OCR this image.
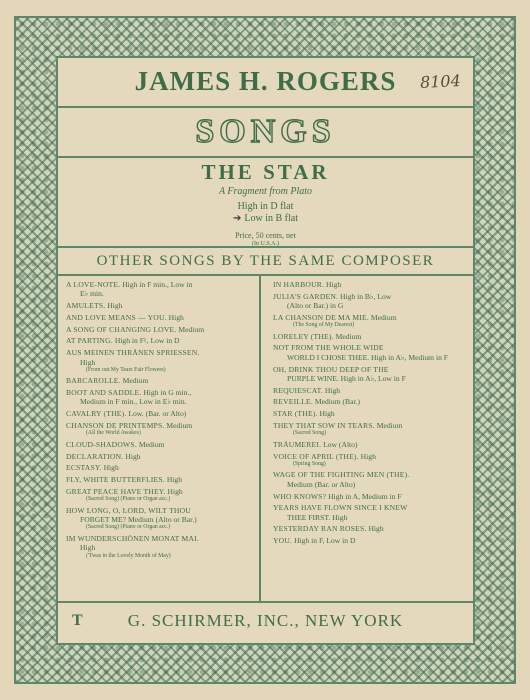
JAMES H. ROGERS	8104
SONGS
THE STAR
A Fragment from Plato
High in D flat
➔ Low in B flat
Price, 50 cents, net
(In U.S.A.)
OTHER SONGS BY THE SAME COMPOSER
A LOVE-NOTE. High in F min., Low in
E♭ min.
AMULETS. High
AND LOVE MEANS — YOU. High
A SONG OF CHANGING LOVE. Medium
AT PARTING. High in F♮, Low in D
AUS MEINEN THRÄNEN SPRIESSEN.
High
(From out My Tears Fair Flowers)
BARCAROLLE. Medium
BOOT AND SADDLE. High in G min.,
Medium in F min., Low in E♭ min.
CAVALRY (THE). Low. (Bar. or Alto)
CHANSON DE PRINTEMPS. Medium
(All the World Awakes)
CLOUD-SHADOWS. Medium
DECLARATION. High
ECSTASY. High
FLY, WHITE BUTTERFLIES. High
GREAT PEACE HAVE THEY. High
(Sacred Song) (Piano or Organ acc.)
HOW LONG, O, LORD, WILT THOU
FORGET ME? Medium (Alto or Bar.)
(Sacred Song) (Piano or Organ acc.)
IM WUNDERSCHÖNEN MONAT MAI.
High
('Twas in the Lovely Month of May)
IN HARBOUR. High
JULIA'S GARDEN. High in B♭, Low
(Alto or Bar.) in G
LA CHANSON DE MA MIE. Medium
(The Song of My Dearest)
LORELEY (THE). Medium
NOT FROM THE WHOLE WIDE
WORLD I CHOSE THEE. High in A♭, Medium in F
OH, DRINK THOU DEEP OF THE
PURPLE WINE. High in A♭, Low in F
REQUIESCAT. High
REVEILLE. Medium (Bar.)
STAR (THE). High
THEY THAT SOW IN TEARS. Medium
(Sacred Song)
TRÄUMEREI. Low (Alto)
VOICE OF APRIL (THE). High
(Spring Song)
WAGE OF THE FIGHTING MEN (THE).
Medium (Bar. or Alto)
WHO KNOWS? High in A, Medium in F
YEARS HAVE FLOWN SINCE I KNEW
THEE FIRST. High
YESTERDAY RAN ROSES. High
YOU. High in F, Low in D
T	G. SCHIRMER, INC., NEW YORK
